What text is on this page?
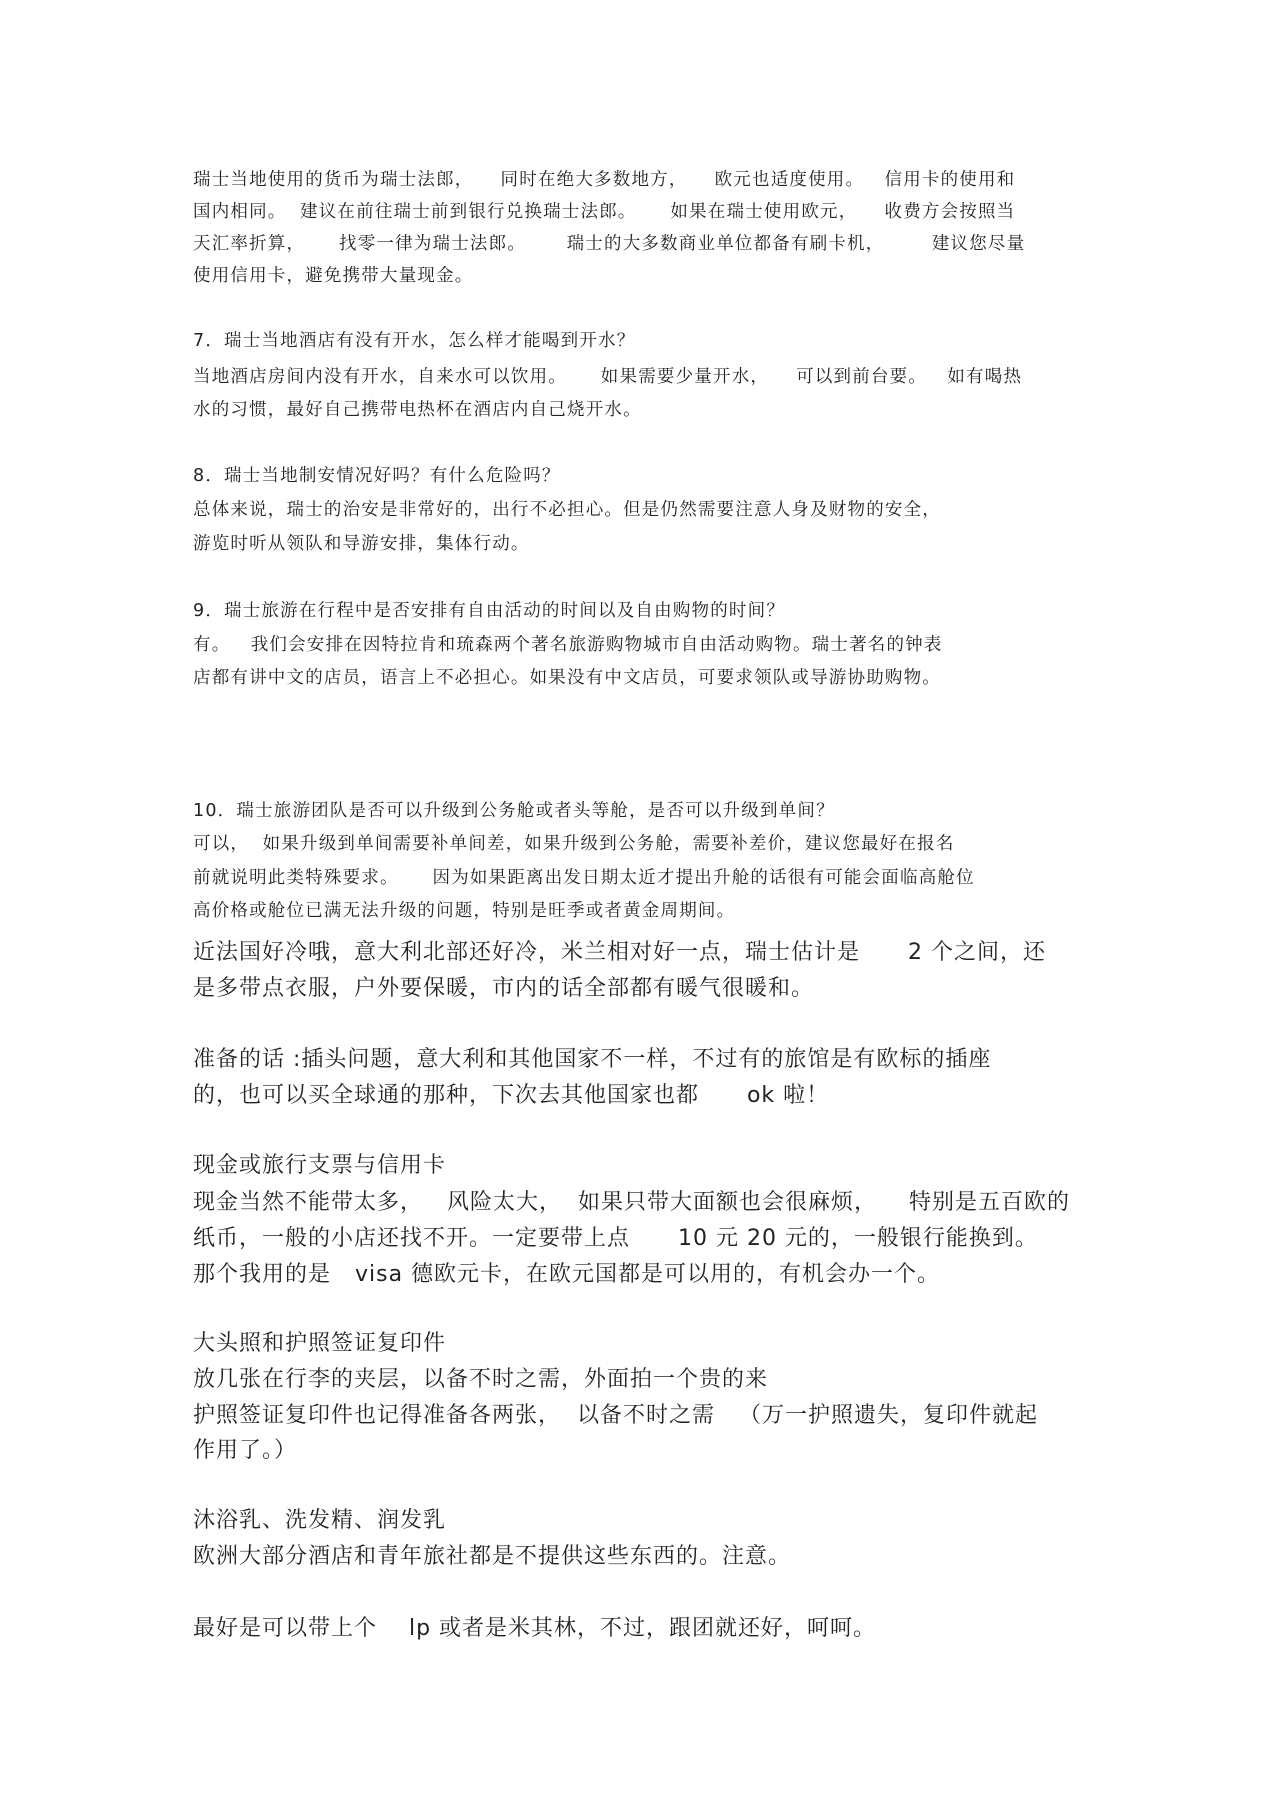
瑞士当地使用的货币为瑞士法郎，    同时在绝大多数地方，    欧元也适度使用。   信用卡的使用和
国内相同。  建议在前往瑞士前到银行兑换瑞士法郎。     如果在瑞士使用欧元，    收费方会按照当
天汇率折算，     找零一律为瑞士法郎。      瑞士的大多数商业单位都备有刷卡机，       建议您尽量
使用信用卡，避免携带大量现金。
7．瑞士当地酒店有没有开水，怎么样才能喝到开水？
当地酒店房间内没有开水，自来水可以饮用。     如果需要少量开水，    可以到前台要。   如有喝热
水的习惯，最好自己携带电热杯在酒店内自己烧开水。
8．瑞士当地制安情况好吗？有什么危险吗？
总体来说，瑞士的治安是非常好的，出行不必担心。但是仍然需要注意人身及财物的安全，
游览时听从领队和导游安排，集体行动。
9．瑞士旅游在行程中是否安排有自由活动的时间以及自由购物的时间？
有。   我们会安排在因特拉肯和琉森两个著名旅游购物城市自由活动购物。瑞士著名的钟表
店都有讲中文的店员，语言上不必担心。如果没有中文店员，可要求领队或导游协助购物。
10．瑞士旅游团队是否可以升级到公务舱或者头等舱，是否可以升级到单间？
可以，  如果升级到单间需要补单间差，如果升级到公务舱，需要补差价，建议您最好在报名
前就说明此类特殊要求。     因为如果距离出发日期太近才提出升舱的话很有可能会面临高舱位
高价格或舱位已满无法升级的问题，特别是旺季或者黄金周期间。
近法国好冷哦，意大利北部还好冷，米兰相对好一点，瑞士估计是      2 个之间，还
是多带点衣服，户外要保暖，市内的话全部都有暖气很暖和。
准备的话 :插头问题，意大利和其他国家不一样，不过有的旅馆是有欧标的插座
的，也可以买全球通的那种，下次去其他国家也都      ok 啦！
现金或旅行支票与信用卡
现金当然不能带太多，   风险太大，  如果只带大面额也会很麻烦，    特别是五百欧的
纸币，一般的小店还找不开。一定要带上点      10 元 20 元的，一般银行能换到。
那个我用的是   visa 德欧元卡，在欧元国都是可以用的，有机会办一个。
大头照和护照签证复印件
放几张在行李的夹层，以备不时之需，外面拍一个贵的来
护照签证复印件也记得准备各两张，  以备不时之需   （万一护照遗失，复印件就起
作用了。）
沐浴乳、洗发精、润发乳
欧洲大部分酒店和青年旅社都是不提供这些东西的。注意。
最好是可以带上个    lp 或者是米其林，不过，跟团就还好，呵呵。
